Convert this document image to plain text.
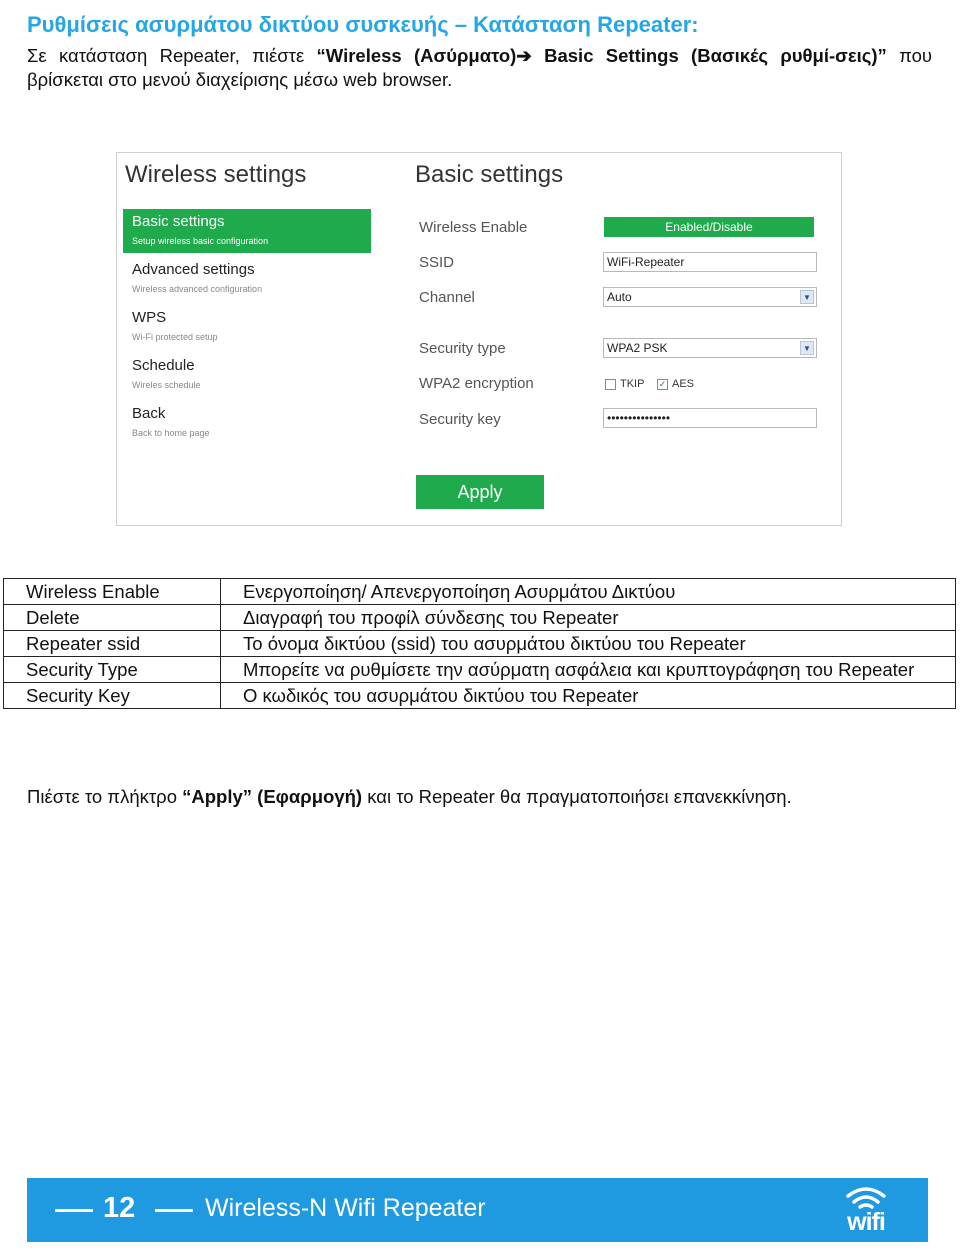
Ρυθμίσεις ασυρμάτου δικτύου συσκευής – Κατάσταση Repeater:
Σε κατάσταση Repeater, πιέστε “Wireless (Ασύρματο)➔ Basic Settings (Βασικές ρυθμί-σεις)” που βρίσκεται στο μενού διαχείρισης μέσω web browser.
Wireless settings	Basic settings
Basic settings
Setup wireless basic configuration
Advanced settings
Wireless advanced configuration
WPS
Wi-Fi protected setup
Schedule
Wireles schedule
Back
Back to home page
Wireless Enable	Enabled/Disable
SSID	WiFi-Repeater
Channel	Auto	▼
Security type	WPA2 PSK	▼
WPA2 encryption	TKIP ✓ AES
Security key	•••••••••••••••
Apply
Wireless Enable	Ενεργοποίηση/ Απενεργοποίηση Ασυρμάτου Δικτύου
Delete	Διαγραφή του προφίλ σύνδεσης του Repeater
Repeater ssid	Το όνομα δικτύου (ssid) του ασυρμάτου δικτύου του Repeater
Security Type	Μπορείτε να ρυθμίσετε την ασύρματη ασφάλεια και κρυπτογράφηση του Repeater
Security Key	Ο κωδικός του ασυρμάτου δικτύου του Repeater
Πιέστε το πλήκτρο “Apply” (Εφαρμογή) και το Repeater θα πραγματοποιήσει επανεκκίνηση.
12	Wireless-N Wifi Repeater	wifi
